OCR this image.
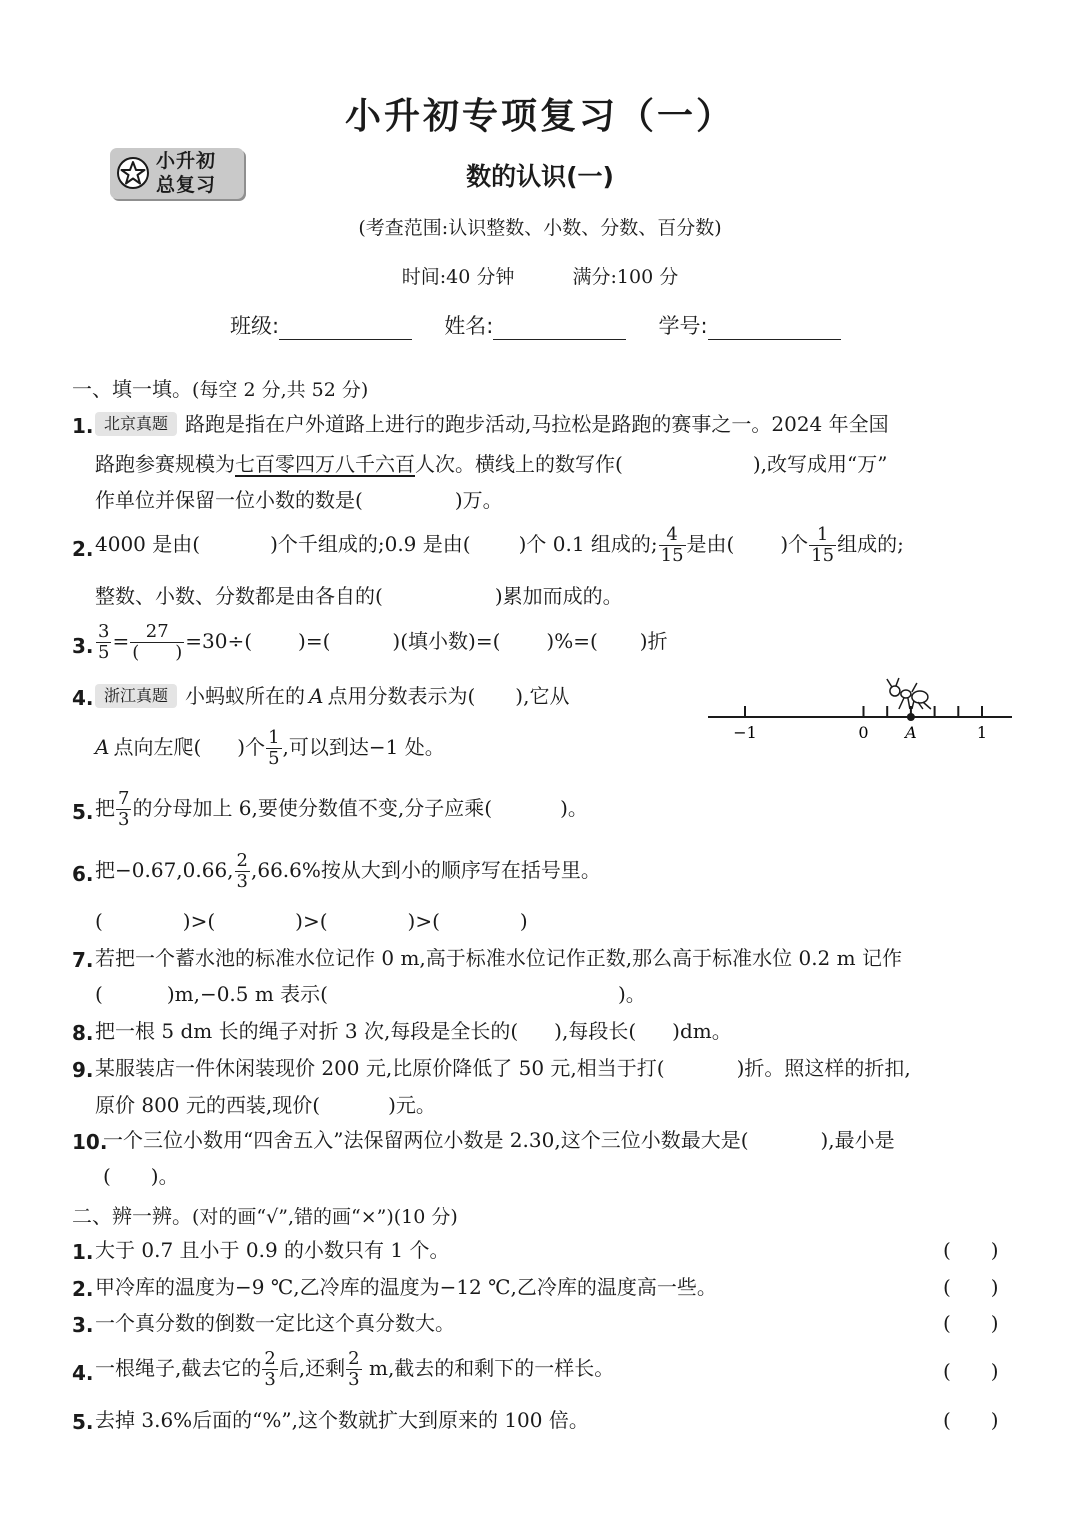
小升初专项复习（一）
小升初
总复习	数的认识(一)
(考查范围:认识整数、小数、分数、百分数)
时间:40 分钟	满分:100 分
班级:	姓名:	学号:
一、填一填。(每空 2 分,共 52 分)
1. 北京真题 路跑是指在户外道路上进行的跑步活动,马拉松是路跑的赛事之一。2024 年全国
路跑参赛规模为七百零四万八千六百人次。横线上的数写作(	),改写成用“万”
作单位并保留一位小数的数是(	)万。
2. 4000 是由(	)个千组成的;0.9 是由( )个 0.1 组成的; $\frac{4}{15}$ 是由( )个 $\frac{1}{15}$ 组成的;
整数、小数、分数都是由各自的(	)累加而成的。
3. $\frac{3}{5} = \frac{27}{( )} =30\div$( )=(	)(填小数)=( )%=( )折
4. 浙江真题 小蚂蚁所在的 A 点用分数表示为( ),它从
A 点向左爬( )个 $\frac{1}{5}$ ,可以到达−1 处。
−1	0 A	1
5. 把 $\frac{7}{3}$ 的分母加上 6,要使分数值不变,分子应乘(	)。
6. 把−0.67,0.66, $\frac{2}{3} ,66.6\%$按从大到小的顺序写在括号里。
(　　　　)>(　　　　)>(　　　　)>(　　　　)
7. 若把一个蓄水池的标准水位记作 0 m,高于标准水位记作正数,那么高于标准水位 0.2 m 记作
(	)m,−0.5 m 表示(	)。
8. 把一根 5 dm 长的绳子对折 3 次,每段是全长的( ),每段长( )dm。
9. 某服装店一件休闲装现价 200 元,比原价降低了 50 元,相当于打(	)折。照这样的折扣,
原价 800 元的西装,现价(	)元。
10.
一个三位小数用“四舍五入”法保留两位小数是 2.30,这个三位小数最大是(	),最小是
(　　)。
二、辨一辨。(对的画“√”,错的画“×”)(10 分)
1. 大于 0.7 且小于 0.9 的小数只有 1 个。	(　　)
2. 甲冷库的温度为−9 ℃,乙冷库的温度为−12 ℃,乙冷库的温度高一些。	(　　)
3. 一个真分数的倒数一定比这个真分数大。	(　　)
4. 一根绳子,截去它的 $\frac{2}{3}$ 后,还剩 $\frac{2}{3} m$,截去的和剩下的一样长。	(　　)
5. 去掉 3.6%后面的“%”,这个数就扩大到原来的 100 倍。	(　　)
